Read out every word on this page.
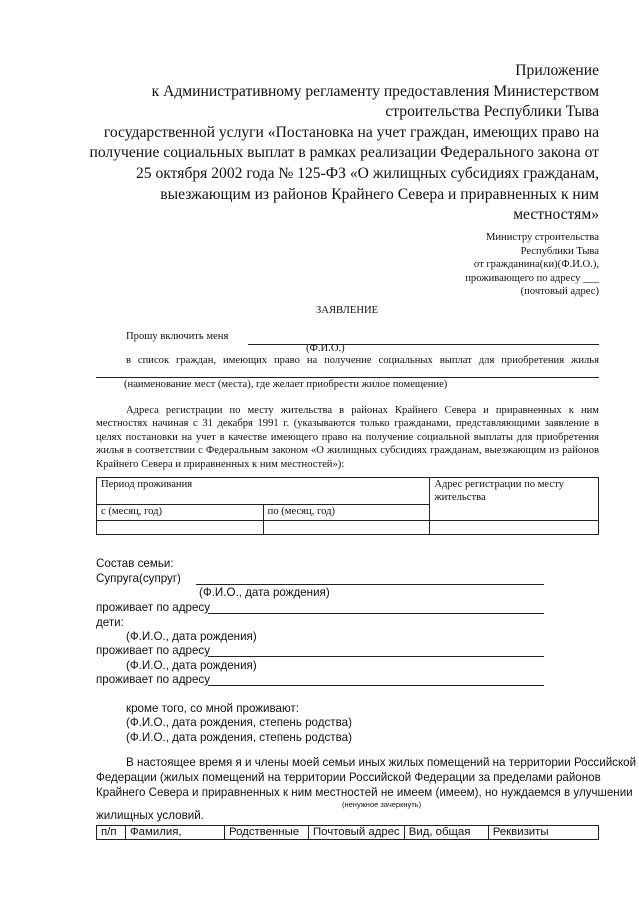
Приложение
к Административному регламенту предоставления Министерством
строительства Республики Тыва
государственной услуги «Постановка на учет граждан, имеющих право на
получение социальных выплат в рамках реализации Федерального закона от
25 октября 2002 года № 125-ФЗ «О жилищных субсидиях гражданам,
выезжающим из районов Крайнего Севера и приравненных к ним
местностям»
Министру строительства
Республики Тыва
от гражданина(ки)(Ф.И.О.),
проживающего по адресу ___
(почтовый адрес)
ЗАЯВЛЕНИЕ
Прошу включить меня
(Ф.И.О.)
в список граждан, имеющих право на получение социальных выплат для приобретения жилья
(наименование мест (места), где желает приобрести жилое помещение)
Адреса регистрации по месту жительства в районах Крайнего Севера и приравненных к ним местностях начиная с 31 декабря 1991 г. (указываются только гражданами, представляющими заявление в целях постановки на учет в качестве имеющего право на получение социальной выплаты для приобретения жилья в соответствии с Федеральным законом «О жилищных субсидиях гражданам, выезжающим из районов Крайнего Севера и приравненных к ним местностей»):
Период проживания		Адрес регистрации по месту жительства
с (месяц, год)	по (месяц, год)	

Состав семьи:
Супруга(супруг)
(Ф.И.О., дата рождения)
проживает по адресу
дети:
(Ф.И.О., дата рождения)
проживает по адресу
(Ф.И.О., дата рождения)
проживает по адресу
кроме того, со мной проживают:
(Ф.И.О., дата рождения, степень родства)
(Ф.И.О., дата рождения, степень родства)
В настоящее время я и члены моей семьи иных жилых помещений на территории Российской
Федерации (жилых помещений на территории Российской Федерации за пределами районов
Крайнего Севера и приравненных к ним местностей не имеем (имеем), но нуждаемся в улучшении
(ненужное зачеркнуть)
жилищных условий.
п/п	Фамилия,	Родственные	Почтовый адрес	Вид, общая	Реквизиты
